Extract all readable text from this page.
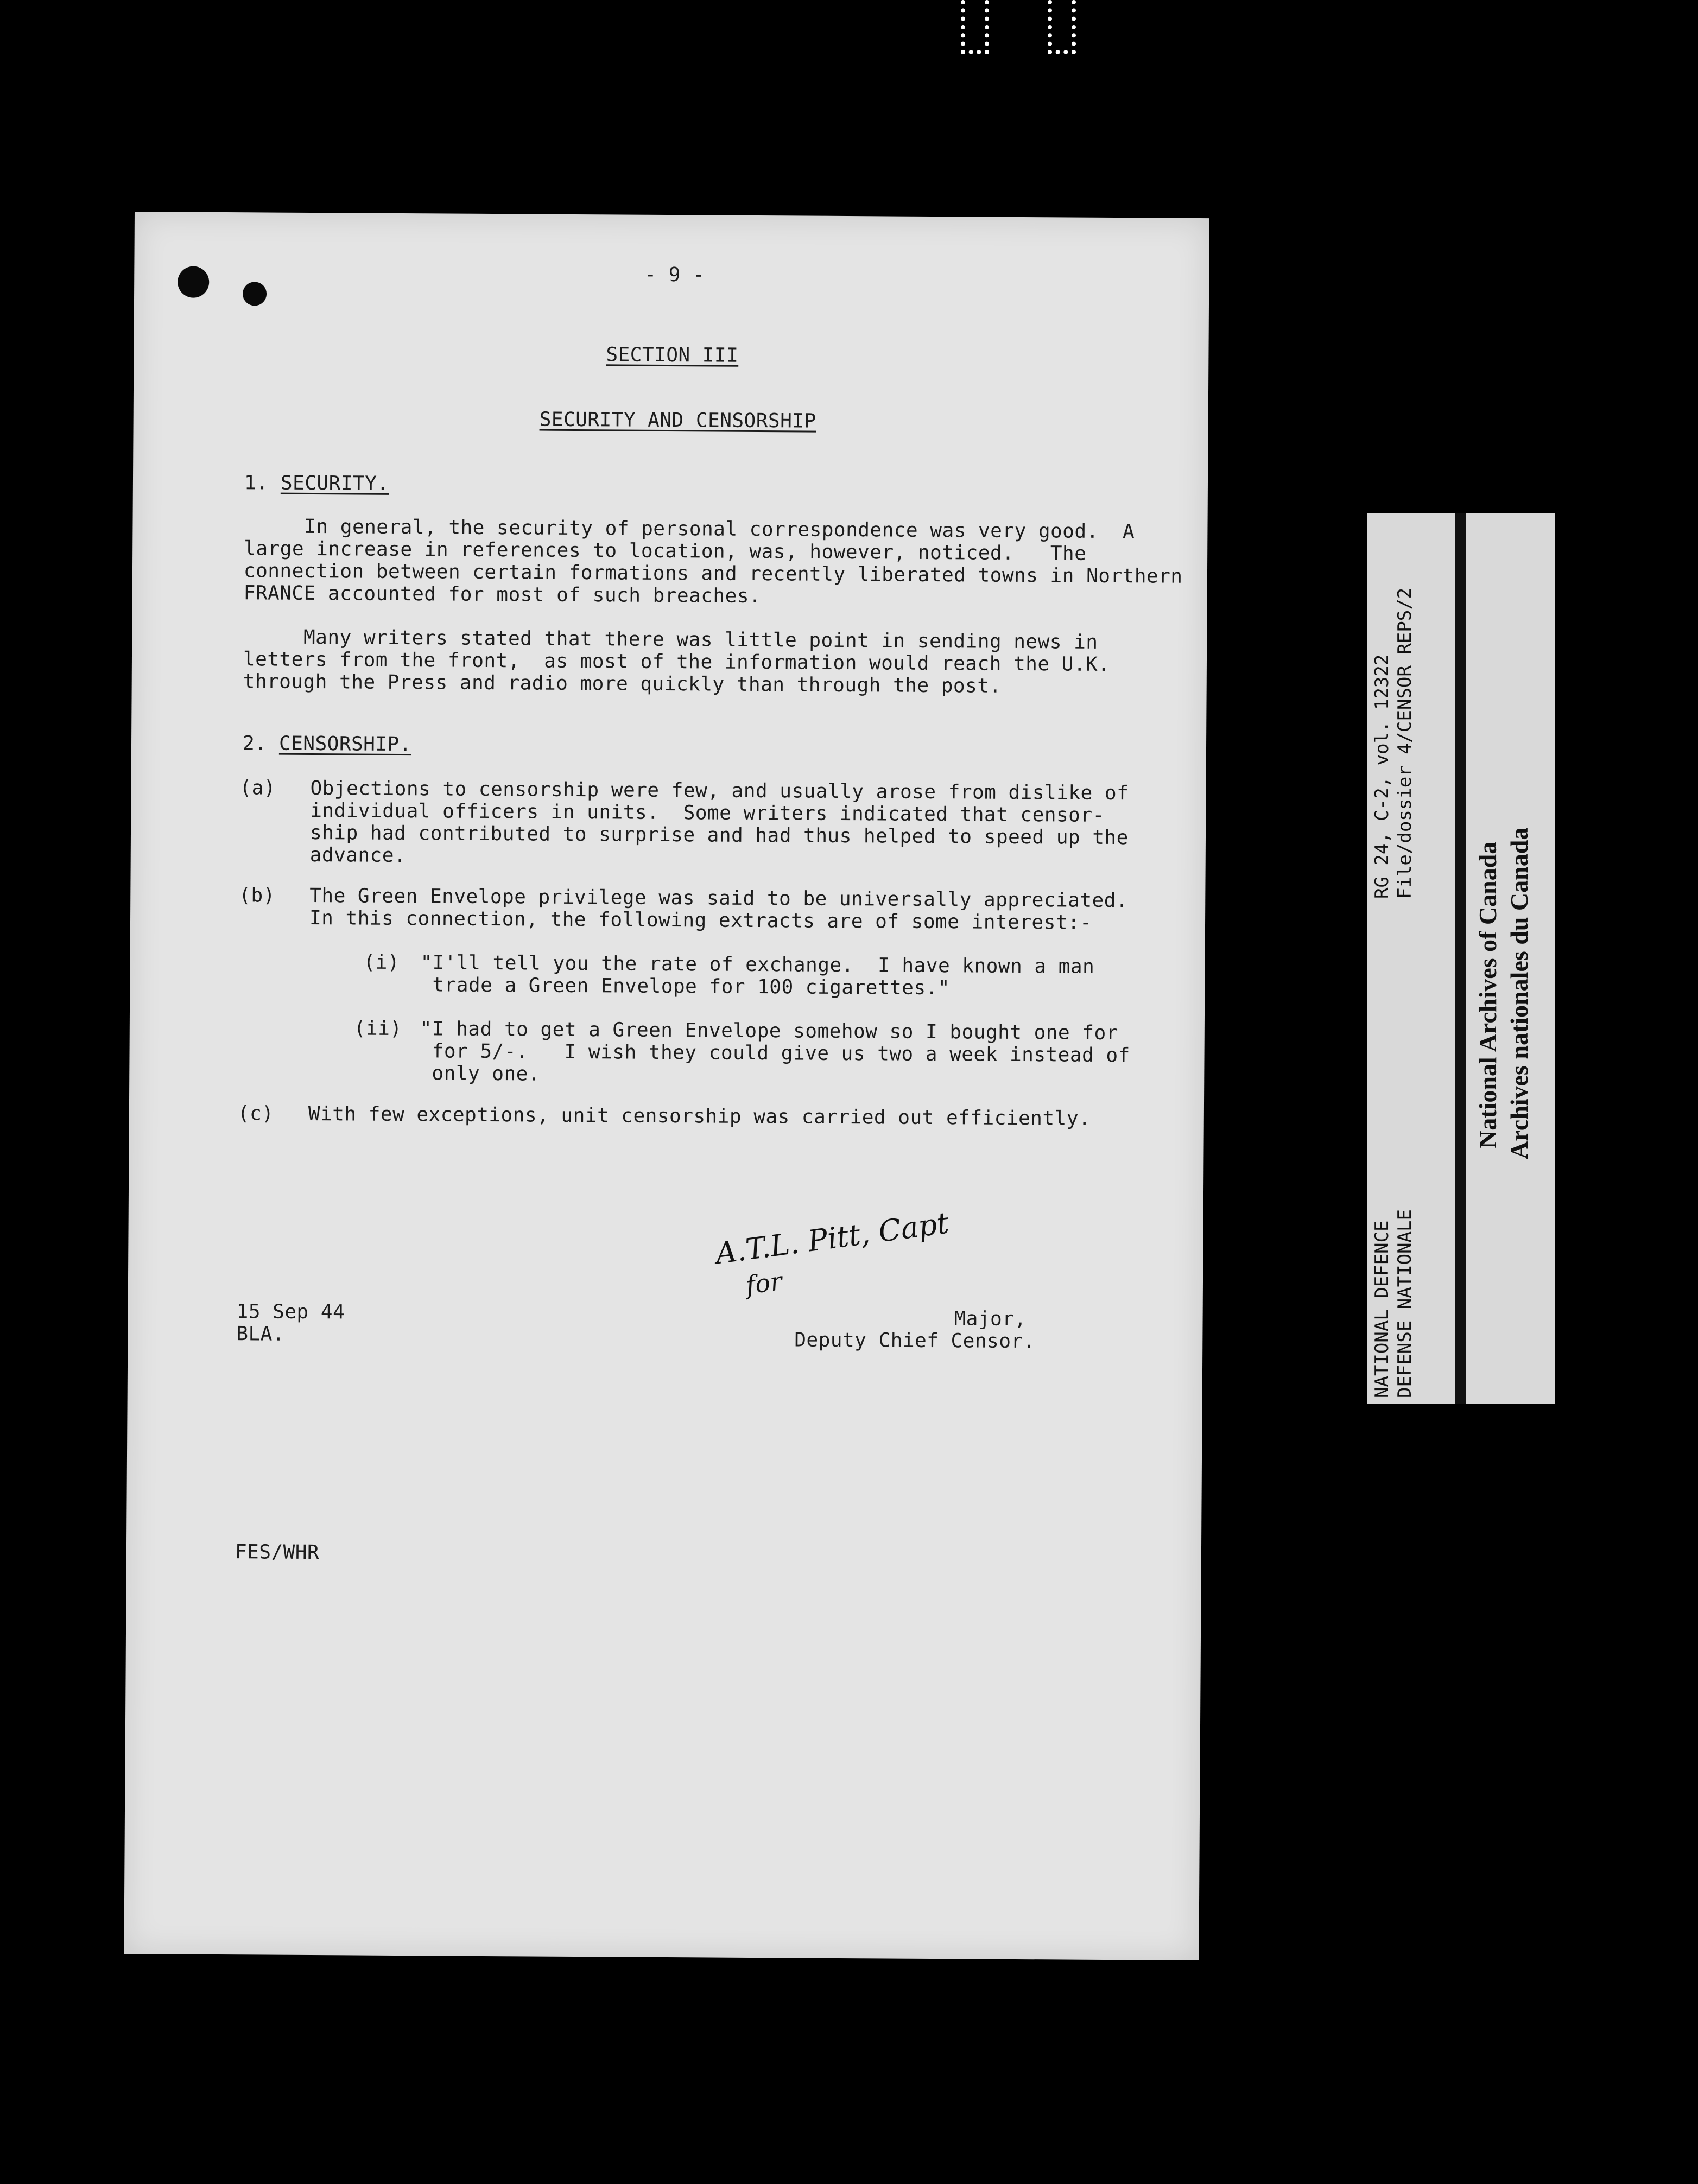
- 9 -
SECTION III
SECURITY AND CENSORSHIP
1. SECURITY.
In general, the security of personal correspondence was very good.  A
large increase in references to location, was, however, noticed.   The
connection between certain formations and recently liberated towns in Northern
FRANCE accounted for most of such breaches.
Many writers stated that there was little point in sending news in
letters from the front,  as most of the information would reach the U.K.
through the Press and radio more quickly than through the post.
2. CENSORSHIP.
(a) Objections to censorship were few, and usually arose from dislike of
individual officers in units.  Some writers indicated that censor-
ship had contributed to surprise and had thus helped to speed up the
advance.
(b) The Green Envelope privilege was said to be universally appreciated.
In this connection, the following extracts are of some interest:-
(i) "I'll tell you the rate of exchange.  I have known a man
trade a Green Envelope for 100 cigarettes."
(ii) "I had to get a Green Envelope somehow so I bought one for
for 5/-.   I wish they could give us two a week instead of
only one.
(c) With few exceptions, unit censorship was carried out efficiently.
A.T.L. Pitt, Capt
for
15 Sep 44
BLA.
Major,
Deputy Chief Censor.
FES/WHR
RG 24, C-2, vol. 12322 File/dossier 4/CENSOR REPS/2
NATIONAL DEFENCE DEFENSE NATIONALE
National Archives of Canada Archives nationales du Canada
